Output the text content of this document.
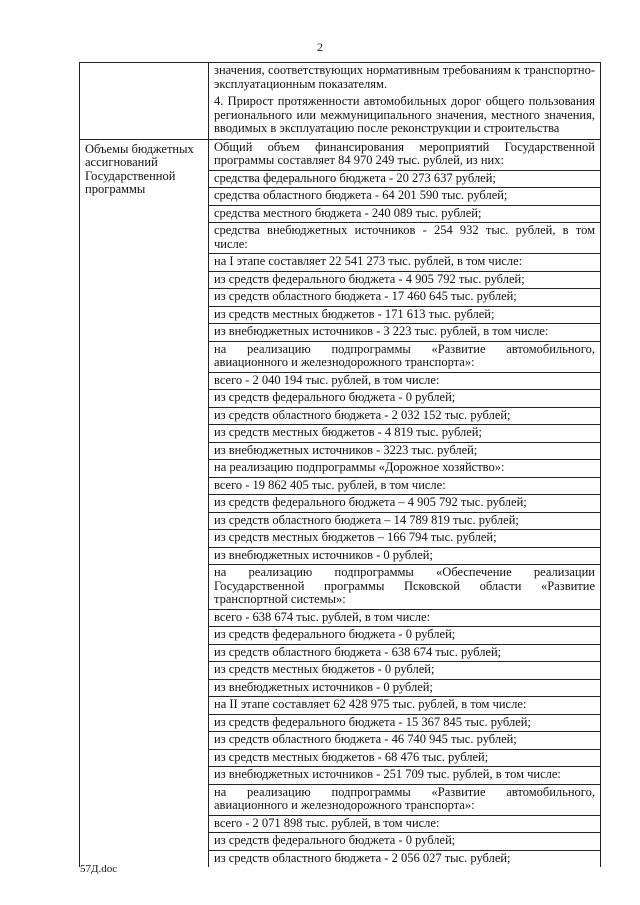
2
значения, соответствующих нормативным требованиям к транспортно-эксплуатационным показателям.
4. Прирост протяженности автомобильных дорог общего пользования регионального или межмуниципального значения, местного значения, вводимых в эксплуатацию после реконструкции и строительства
Объемы бюджетных ассигнований Государственной программы
Общий объем финансирования мероприятий Государственной программы составляет 84 970 249 тыс. рублей, из них:
средства федерального бюджета - 20 273 637 рублей;
средства областного бюджета - 64 201 590 тыс. рублей;
средства местного бюджета - 240 089 тыс. рублей;
средства внебюджетных источников - 254 932 тыс. рублей, в том числе:
на I этапе составляет 22 541 273 тыс. рублей, в том числе:
из средств федерального бюджета - 4 905 792 тыс. рублей;
из средств областного бюджета - 17 460 645 тыс. рублей;
из средств местных бюджетов - 171 613 тыс. рублей;
из внебюджетных источников - 3 223 тыс. рублей, в том числе:
на реализацию подпрограммы «Развитие автомобильного, авиационного и железнодорожного транспорта»:
всего - 2 040 194 тыс. рублей, в том числе:
из средств федерального бюджета - 0 рублей;
из средств областного бюджета - 2 032 152 тыс. рублей;
из средств местных бюджетов - 4 819 тыс. рублей;
из внебюджетных источников - 3223 тыс. рублей;
на реализацию подпрограммы «Дорожное хозяйство»:
всего - 19 862 405 тыс. рублей, в том числе:
из средств федерального бюджета – 4 905 792 тыс. рублей;
из средств областного бюджета – 14 789 819 тыс. рублей;
из средств местных бюджетов – 166 794 тыс. рублей;
из внебюджетных источников - 0 рублей;
на реализацию подпрограммы «Обеспечение реализации Государственной программы Псковской области «Развитие транспортной системы»:
всего - 638 674 тыс. рублей, в том числе:
из средств федерального бюджета - 0 рублей;
из средств областного бюджета - 638 674 тыс. рублей;
из средств местных бюджетов - 0 рублей;
из внебюджетных источников - 0 рублей;
на II этапе составляет 62 428 975 тыс. рублей, в том числе:
из средств федерального бюджета - 15 367 845 тыс. рублей;
из средств областного бюджета - 46 740 945 тыс. рублей;
из средств местных бюджетов - 68 476 тыс. рублей;
из внебюджетных источников - 251 709 тыс. рублей, в том числе:
на реализацию подпрограммы «Развитие автомобильного, авиационного и железнодорожного транспорта»:
всего - 2 071 898 тыс. рублей, в том числе:
из средств федерального бюджета - 0 рублей;
из средств областного бюджета - 2 056 027 тыс. рублей;
57Д.doc
